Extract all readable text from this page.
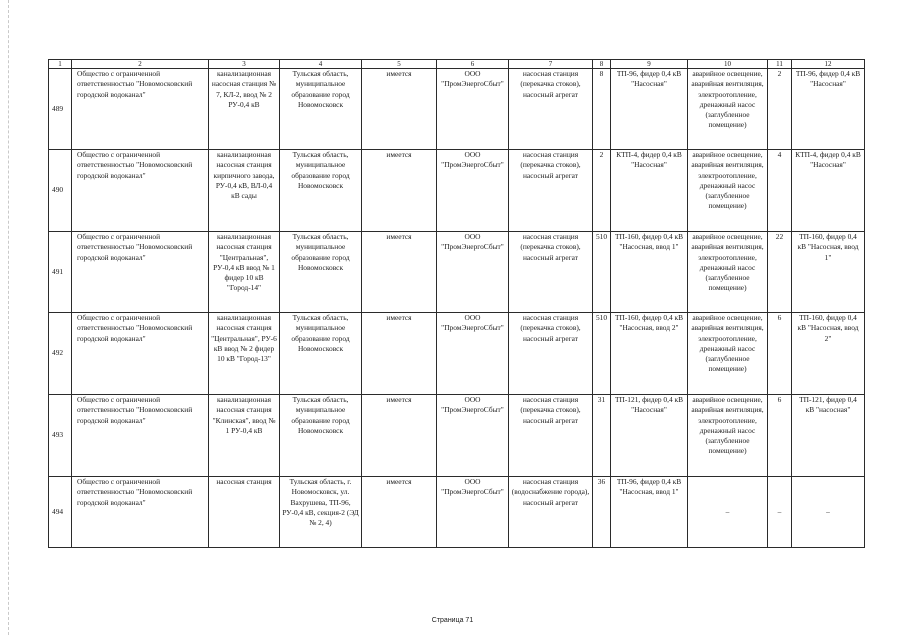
1	2	3	4	5	6	7	8	9	10	11	12
489	Общество с ограниченной ответственностью "Новомосковский городской водоканал"	канализационная насосная станция № 7, КЛ-2, ввод № 2 РУ-0,4 кВ	Тульская область, муниципальное образование город Новомосковск	имеется	ООО "ПромЭнергоСбыт"	насосная станция (перекачка стоков), насосный агрегат	8	ТП-96, фидер 0,4 кВ "Насосная"	аварийное освещение, аварийная вентиляция, электроотопление, дренажный насос (заглубленное помещение)	2	ТП-96, фидер 0,4 кВ "Насосная"
490	Общество с ограниченной ответственностью "Новомосковский городской водоканал"	канализационная насосная станция кирпичного завода, РУ-0,4 кВ, ВЛ-0,4 кВ сады	Тульская область, муниципальное образование город Новомосковск	имеется	ООО "ПромЭнергоСбыт"	насосная станция (перекачка стоков), насосный агрегат	2	КТП-4, фидер 0,4 кВ "Насосная"	аварийное освещение, аварийная вентиляция, электроотопление, дренажный насос (заглубленное помещение)	4	КТП-4, фидер 0,4 кВ "Насосная"
491	Общество с ограниченной ответственностью "Новомосковский городской водоканал"	канализационная насосная станция "Центральная", РУ-0,4 кВ ввод № 1 фидер 10 кВ "Город-14"	Тульская область, муниципальное образование город Новомосковск	имеется	ООО "ПромЭнергоСбыт"	насосная станция (перекачка стоков), насосный агрегат	510	ТП-160, фидер 0,4 кВ "Насосная, ввод 1"	аварийное освещение, аварийная вентиляция, электроотопление, дренажный насос (заглубленное помещение)	22	ТП-160, фидер 0,4 кВ "Насосная, ввод 1"
492	Общество с ограниченной ответственностью "Новомосковский городской водоканал"	канализационная насосная станция "Центральная", РУ-6 кВ ввод № 2 фидер 10 кВ "Город-13"	Тульская область, муниципальное образование город Новомосковск	имеется	ООО "ПромЭнергоСбыт"	насосная станция (перекачка стоков), насосный агрегат	510	ТП-160, фидер 0,4 кВ "Насосная, ввод 2"	аварийное освещение, аварийная вентиляция, электроотопление, дренажный насос (заглубленное помещение)	6	ТП-160, фидер 0,4 кВ "Насосная, ввод 2"
493	Общество с ограниченной ответственностью "Новомосковский городской водоканал"	канализационная насосная станция "Клинская", ввод № 1 РУ-0,4 кВ	Тульская область, муниципальное образование город Новомосковск	имеется	ООО "ПромЭнергоСбыт"	насосная станция (перекачка стоков), насосный агрегат	31	ТП-121, фидер 0,4 кВ "Насосная"	аварийное освещение, аварийная вентиляция, электроотопление, дренажный насос (заглубленное помещение)	6	ТП-121, фидер 0,4 кВ "насосная"
494	Общество с ограниченной ответственностью "Новомосковский городской водоканал"	насосная станция	Тульская область, г. Новомосковск, ул. Вахрушева, ТП-96, РУ-0,4 кВ, секция-2 (ЭД № 2, 4)	имеется	ООО "ПромЭнергоСбыт"	насосная станция (водоснабжение города), насосный агрегат	36	ТП-96, фидер 0,4 кВ "Насосная, ввод 1"	–	–	–
Страница 71
